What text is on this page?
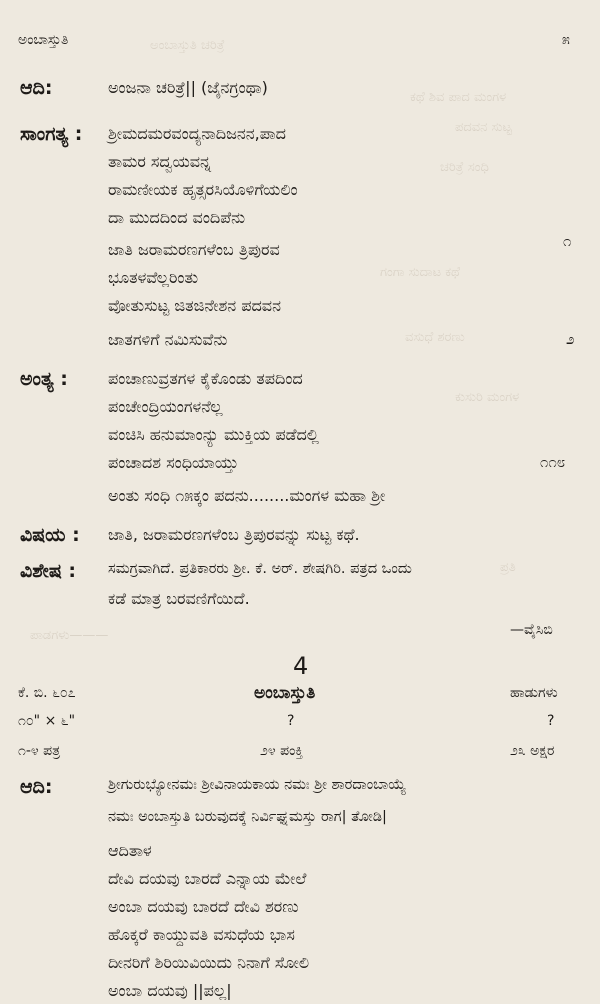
ಅಂಬಾಸ್ತುತಿ ಚರಿತ್ರೆ
ಕಥೆ ಶಿವ ಪಾದ ಮಂಗಳ
ಪದವನ ಸುಟ್ಟ
ಚರಿತ್ರೆ ಸಂಧಿ
ಗಂಗಾ ಸುದಾಟ ಕಥೆ
ವಸುಧೆ ಶರಣು
ಕುಸುರಿ ಮಂಗಳ
ಪ್ರತಿ
ಪಾಡಗಳು———
ಅಂಬಾಸ್ತುತಿ	೫
ಆದಿ:	ಅಂಜನಾ ಚರಿತ್ರೆ|| (ಜೈನಗ್ರಂಥಾ)
ಸಾಂಗತ್ಯ : ಶ್ರೀಮದಮರವಂದ್ಯನಾದಿಜನನ,ಪಾದ
ತಾಮರ ಸದ್ವಯವನ್ನ
ರಾಮಣೀಯಕ ಹೃತ್ಸರಸಿಯೊಳಿಗೆಯಲಿಂ
ದಾ ಮುದದಿಂದ ವಂದಿಪೆನು
೧
ಜಾತಿ ಜರಾಮರಣಗಳೆಂಬ ತ್ರಿಪುರವ
ಭೂತಳವೆಲ್ಲರಿಂತು
ವೋತುಸುಟ್ಟ ಜಿತಜಿನೇಶನ ಪದವನ
ಜಾತಗಳಿಗೆ ನಮಿಸುವೆನು	೨
ಅಂತ್ಯ :	ಪಂಚಾಣುವ್ರತಗಳ ಕೈಕೊಂಡು ತಪದಿಂದ
ಪಂಚೇಂದ್ರಿಯಂಗಳನೆಲ್ಲ
ವಂಚಿಸಿ ಹನುಮಾಂನ್ಯು ಮುಕ್ತಿಯ ಪಡೆದಲ್ಲಿ
ಪಂಚಾದಶ ಸಂಧಿಯಾಯ್ತು	೧೧೮
ಅಂತು ಸಂಧಿ ೧೫ಕ್ಕಂ ಪದನು........ಮಂಗಳ ಮಹಾ ಶ್ರೀ
ವಿಷಯ : ಜಾತಿ, ಜರಾಮರಣಗಳೆಂಬ ತ್ರಿಪುರವನ್ನು ಸುಟ್ಟ ಕಥೆ.
ವಿಶೇಷ : ಸಮಗ್ರವಾಗಿದೆ. ಪ್ರತಿಕಾರರು ಶ್ರೀ. ಕೆ. ಅರ್. ಶೇಷಗಿರಿ. ಪತ್ರದ ಒಂದು
ಕಡೆ ಮಾತ್ರ ಬರವಣಿಗೆಯಿದೆ.
—ವೈಸಿಬಿ
4
ಕೆ. ಬಿ. ೬೦೭	ಅಂಬಾಸ್ತುತಿ	ಹಾಡುಗಳು
೧೦" × ೬"	?	?
೧-೪ ಪತ್ರ	೨೪ ಪಂಕ್ತಿ	೨೩ ಅಕ್ಷರ
ಆದಿ:	ಶ್ರೀಗುರುಭ್ಯೋನಮಃ ಶ್ರೀವಿನಾಯಕಾಯ ನಮಃ ಶ್ರೀ ಶಾರದಾಂಬಾಯ್ಯೆ
ನಮಃ ಅಂಬಾಸ್ತುತಿ ಬರುವುದಕ್ಕೆ ನಿರ್ವಿಘ್ನಮಸ್ತು ರಾಗ| ತೋಡಿ|
ಆದಿತಾಳ
ದೇವಿ ದಯವು ಬಾರದೆ ಎನ್ನಾಯ ಮೇಲೆ
ಅಂಬಾ ದಯವು ಬಾರದೆ ದೇವಿ ಶರಣು
ಹೊಕ್ಕರೆ ಕಾಯ್ದುವತಿ ವಸುಧೆಯ ಭಾಸ
ದೀನರಿಗೆ ಶಿರಿಯಿವಿಯಿದು ನಿನಾಗೆ ಸೋಲಿ
ಅಂಬಾ ದಯವು ||ಪಲ್ಲ|
